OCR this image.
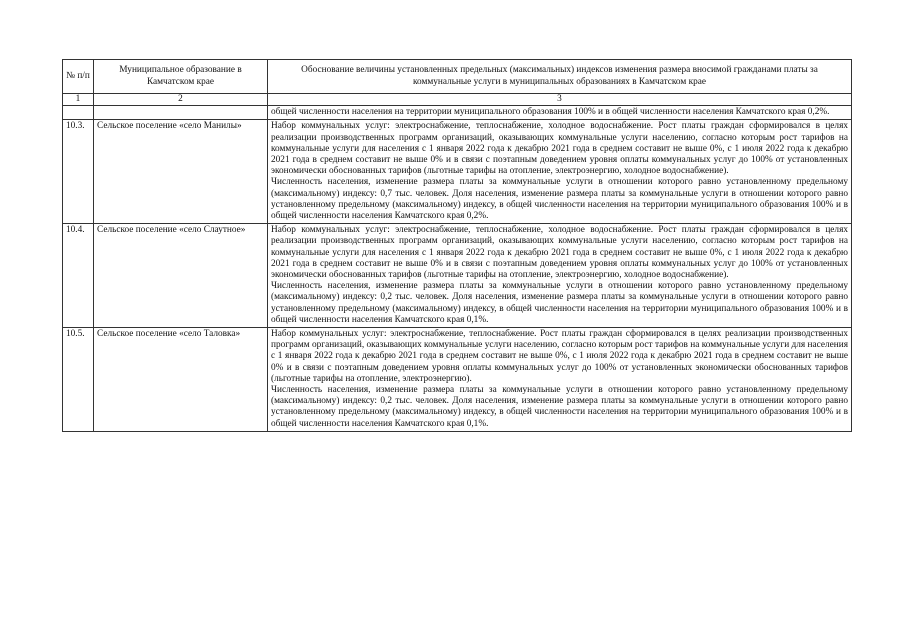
№ п/п	Муниципальное образование в Камчатском крае	Обоснование величины установленных предельных (максимальных) индексов изменения размера вносимой гражданами платы за коммунальные услуги в муниципальных образованиях в Камчатском крае
1	2	3
		общей численности населения на территории муниципального образования 100% и в общей численности населения Камчатского края 0,2%.
10.3.	Сельское поселение «село Манилы»	Набор коммунальных услуг: электроснабжение, теплоснабжение, холодное водоснабжение. Рост платы граждан сформировался в целях реализации производственных программ организаций, оказывающих коммунальные услуги населению, согласно которым рост тарифов на коммунальные услуги для населения с 1 января 2022 года к декабрю 2021 года в среднем составит не выше 0%, с 1 июля 2022 года к декабрю 2021 года в среднем составит не выше 0% и в связи с поэтапным доведением уровня оплаты коммунальных услуг до 100% от установленных экономически обоснованных тарифов (льготные тарифы на отопление, электроэнергию, холодное водоснабжение).
Численность населения, изменение размера платы за коммунальные услуги в отношении которого равно установленному предельному (максимальному) индексу: 0,7 тыс. человек. Доля населения, изменение размера платы за коммунальные услуги в отношении которого равно установленному предельному (максимальному) индексу, в общей численности населения на территории муниципального образования 100% и в общей численности населения Камчатского края 0,2%.

10.4.	Сельское поселение «село Слаутное»	Набор коммунальных услуг: электроснабжение, теплоснабжение, холодное водоснабжение. Рост платы граждан сформировался в целях реализации производственных программ организаций, оказывающих коммунальные услуги населению, согласно которым рост тарифов на коммунальные услуги для населения с 1 января 2022 года к декабрю 2021 года в среднем составит не выше 0%, с 1 июля 2022 года к декабрю 2021 года в среднем составит не выше 0% и в связи с поэтапным доведением уровня оплаты коммунальных услуг до 100% от установленных экономически обоснованных тарифов (льготные тарифы на отопление, электроэнергию, холодное водоснабжение).
Численность населения, изменение размера платы за коммунальные услуги в отношении которого равно установленному предельному (максимальному) индексу: 0,2 тыс. человек. Доля населения, изменение размера платы за коммунальные услуги в отношении которого равно установленному предельному (максимальному) индексу, в общей численности населения на территории муниципального образования 100% и в общей численности населения Камчатского края 0,1%.

10.5.	Сельское поселение «село Таловка»	Набор коммунальных услуг: электроснабжение, теплоснабжение. Рост платы граждан сформировался в целях реализации производственных программ организаций, оказывающих коммунальные услуги населению, согласно которым рост тарифов на коммунальные услуги для населения с 1 января 2022 года к декабрю 2021 года в среднем составит не выше 0%, с 1 июля 2022 года к декабрю 2021 года в среднем составит не выше 0% и в связи с поэтапным доведением уровня оплаты коммунальных услуг до 100% от установленных экономически обоснованных тарифов (льготные тарифы на отопление, электроэнергию).
Численность населения, изменение размера платы за коммунальные услуги в отношении которого равно установленному предельному (максимальному) индексу: 0,2 тыс. человек. Доля населения, изменение размера платы за коммунальные услуги в отношении которого равно установленному предельному (максимальному) индексу, в общей численности населения на территории муниципального образования 100% и в общей численности населения Камчатского края 0,1%.
